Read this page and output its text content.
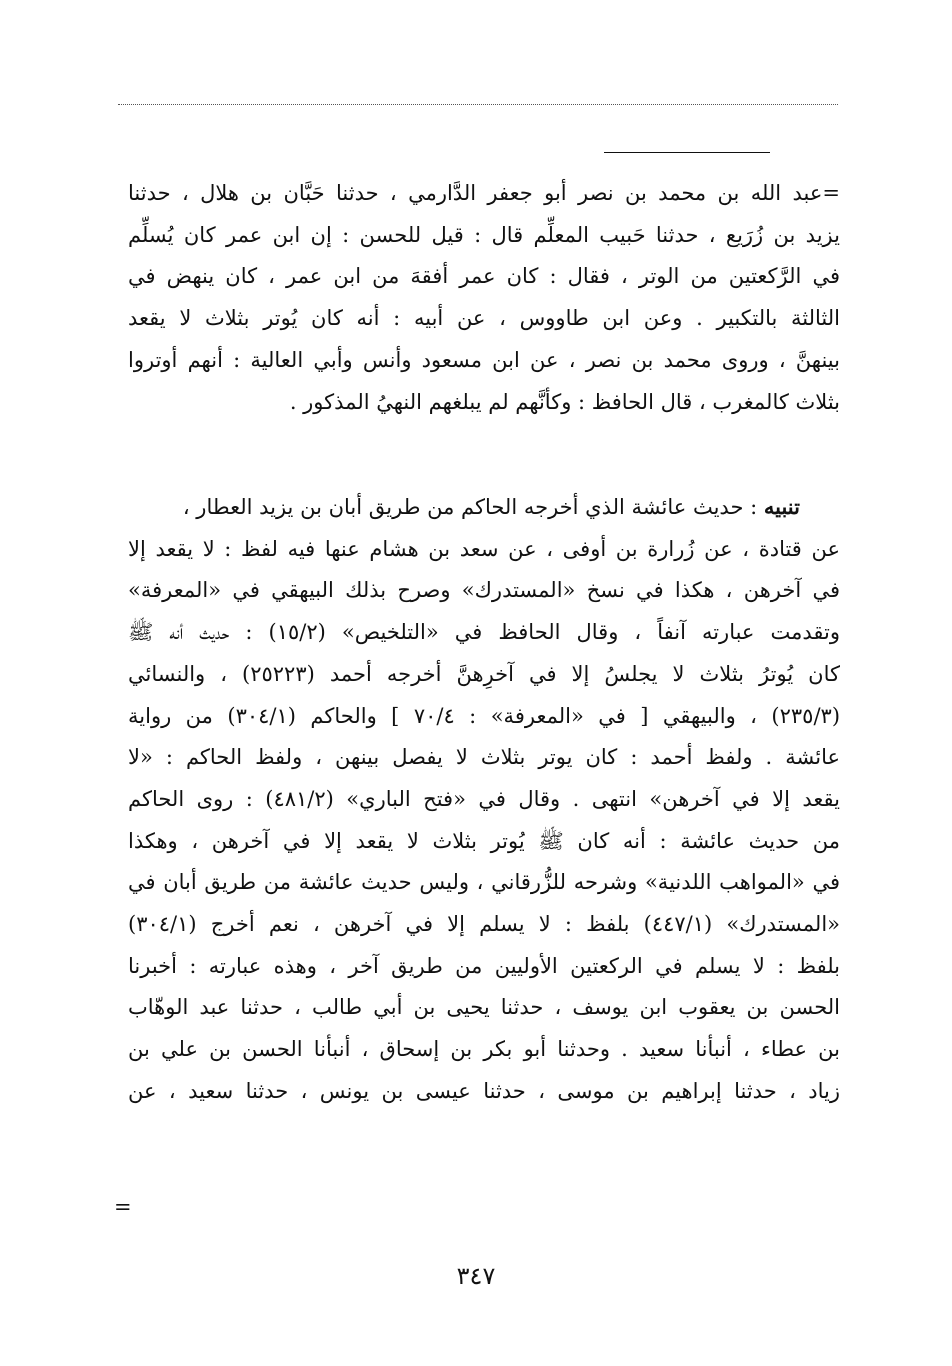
=عبد الله بن محمد بن نصر أبو جعفر الدَّارمي ، حدثنا حَبَّان بن هلال ، حدثنا
يزيد بن زُرَيع ، حدثنا حَبيب المعلِّم قال : قيل للحسن : إن ابن عمر كان يُسلِّم
في الرَّكعتين من الوتر ، فقال : كان عمر أفقهَ من ابن عمر ، كان ينهض في
الثالثة بالتكبير . وعن ابن طاووس ، عن أبيه : أنه كان يُوتر بثلاث لا يقعد
بينهنَّ ، وروى محمد بن نصر ، عن ابن مسعود وأنس وأبي العالية : أنهم أوتروا
بثلاث كالمغرب ، قال الحافظ : وكأنَّهم لم يبلغهم النهيُ المذكور .
تنبيه : حديث عائشة الذي أخرجه الحاكم من طريق أبان بن يزيد العطار ،
عن قتادة ، عن زُرارة بن أوفى ، عن سعد بن هشام عنها فيه لفظ : لا يقعد إلا
في آخرهن ، هكذا في نسخ «المستدرك» وصرح بذلك البيهقي في «المعرفة»
وتقدمت عبارته آنفاً ، وقال الحافظ في «التلخيص» (١٥/٢) : حديث أنه ﷺ
كان يُوترُ بثلاث لا يجلسُ إلا في آخرِهنَّ أخرجه أحمد (٢٥٢٢٣) ، والنسائي
(٢٣٥/٣) ، والبيهقي [ في «المعرفة» : ٧٠/٤ ] والحاكم (٣٠٤/١) من رواية
عائشة . ولفظ أحمد : كان يوتر بثلاث لا يفصل بينهن ، ولفظ الحاكم : «لا
يقعد إلا في آخرهن» انتهى . وقال في «فتح الباري» (٤٨١/٢) : روى الحاكم
من حديث عائشة : أنه كان ﷺ يُوتر بثلاث لا يقعد إلا في آخرهن ، وهكذا
في «المواهب اللدنية» وشرحه للزُّرقاني ، وليس حديث عائشة من طريق أبان في
«المستدرك» (٤٤٧/١) بلفظ : لا يسلم إلا في آخرهن ، نعم أخرج (٣٠٤/١)
بلفظ : لا يسلم في الركعتين الأوليين من طريق آخر ، وهذه عبارته : أخبرنا
الحسن بن يعقوب ابن يوسف ، حدثنا يحيى بن أبي طالب ، حدثنا عبد الوهّاب
بن عطاء ، أنبأنا سعيد . وحدثنا أبو بكر بن إسحاق ، أنبأنا الحسن بن علي بن
زياد ، حدثنا إبراهيم بن موسى ، حدثنا عيسى بن يونس ، حدثنا سعيد ، عن
=
٣٤٧
